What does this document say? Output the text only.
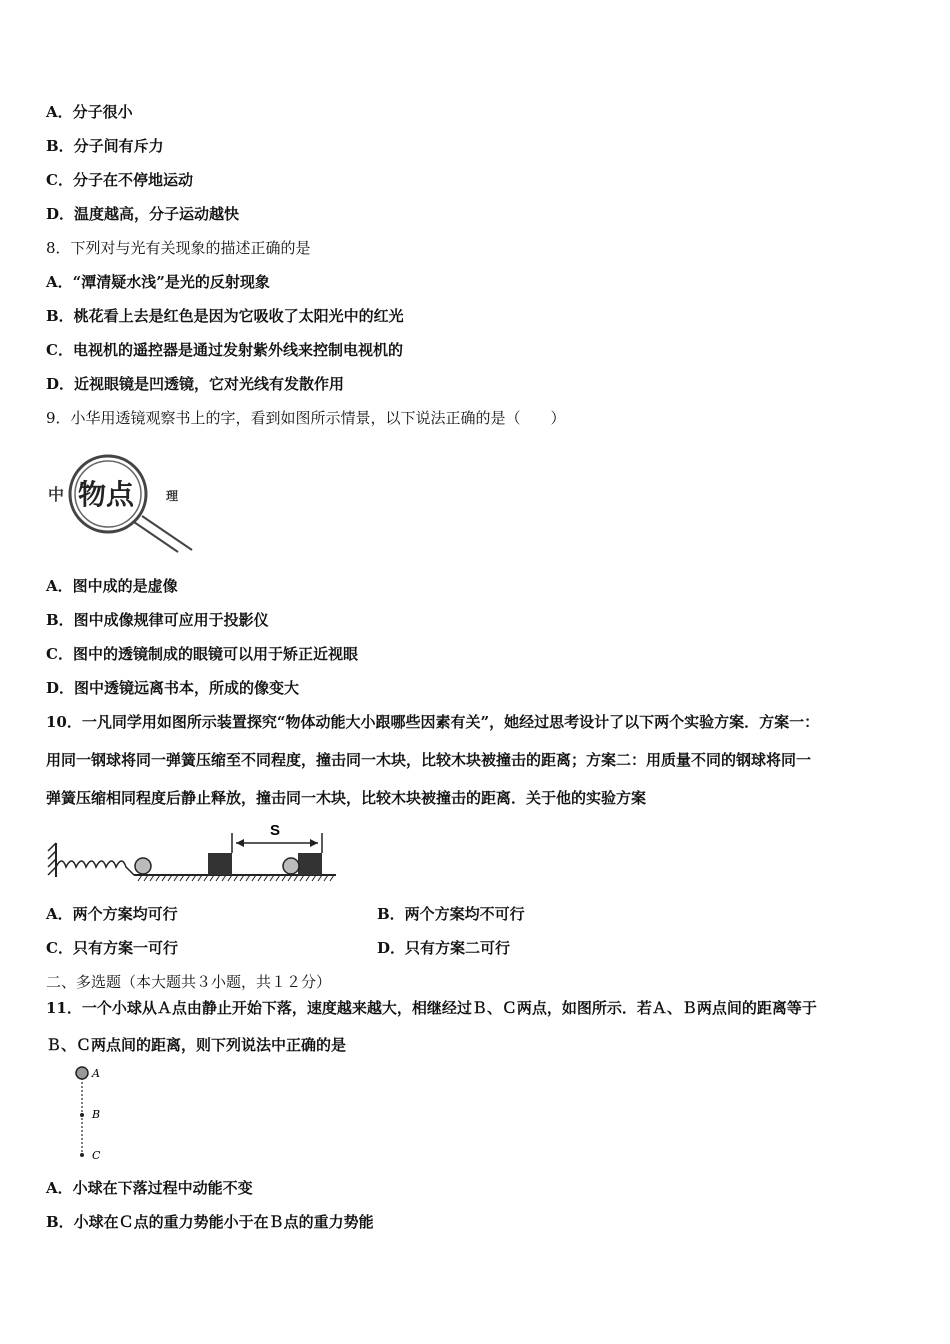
A．分子很小
B．分子间有斥力
C．分子在不停地运动
D．温度越高，分子运动越快
8．下列对与光有关现象的描述正确的是
A．“潭清疑水浅”是光的反射现象
B．桃花看上去是红色是因为它吸收了太阳光中的红光
C．电视机的遥控器是通过发射紫外线来控制电视机的
D．近视眼镜是凹透镜，它对光线有发散作用
9．小华用透镜观察书上的字，看到如图所示情景，以下说法正确的是（　　）
中 物点	理
A．图中成的是虚像
B．图中成像规律可应用于投影仪
C．图中的透镜制成的眼镜可以用于矫正近视眼
D．图中透镜远离书本，所成的像变大
10．一凡同学用如图所示装置探究“物体动能大小跟哪些因素有关”，她经过思考设计了以下两个实验方案．方案一：
用同一钢球将同一弹簧压缩至不同程度，撞击同一木块，比较木块被撞击的距离；方案二：用质量不同的钢球将同一
弹簧压缩相同程度后静止释放，撞击同一木块，比较木块被撞击的距离．关于他的实验方案
S
A．两个方案均可行	B．两个方案均不可行
C．只有方案一可行	D．只有方案二可行
二、多选题（本大题共３小题，共１２分）
11．一个小球从Ａ点由静止开始下落，速度越来越大，相继经过Ｂ、Ｃ两点，如图所示．若Ａ、Ｂ两点间的距离等于
Ｂ、Ｃ两点间的距离，则下列说法中正确的是
A
B
C
A．小球在下落过程中动能不变
B．小球在Ｃ点的重力势能小于在Ｂ点的重力势能
